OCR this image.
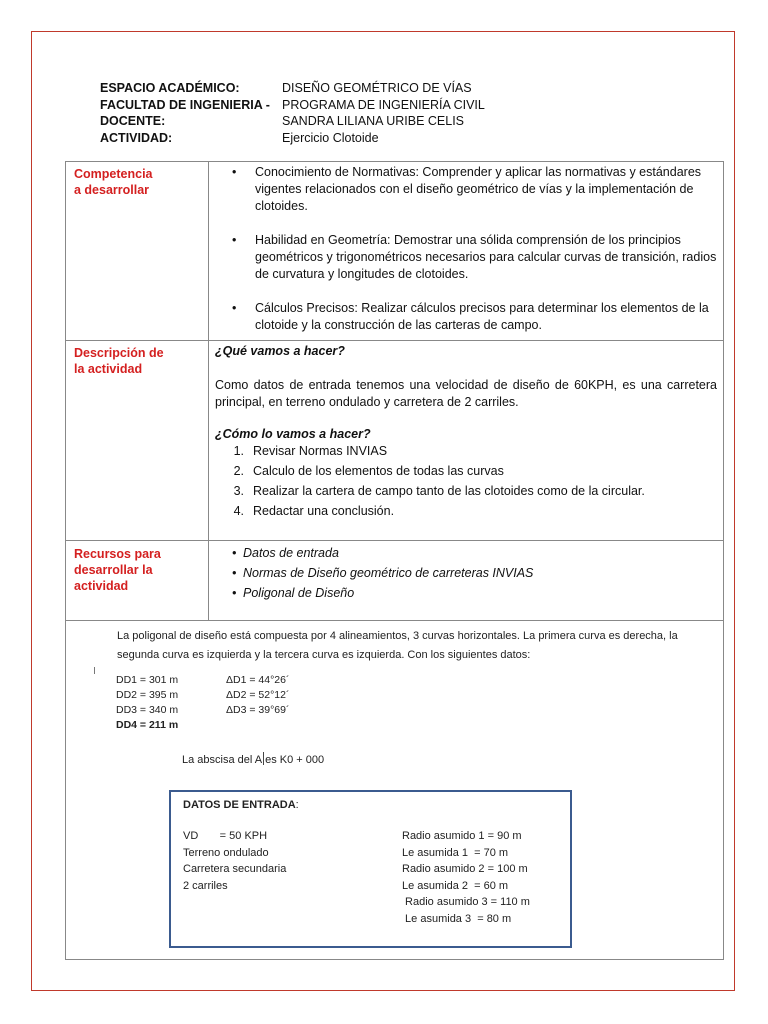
ESPACIO ACADÉMICO:	DISEÑO GEOMÉTRICO DE VÍAS
FACULTAD DE INGENIERIA - PROGRAMA DE INGENIERÍA CIVIL
DOCENTE:	SANDRA LILIANA URIBE CELIS
ACTIVIDAD:	Ejercicio Clotoide
Competencia
a desarrollar
• Conocimiento de Normativas: Comprender y aplicar las normativas y estándares vigentes relacionados con el diseño geométrico de vías y la implementación de clotoides.
• Habilidad en Geometría: Demostrar una sólida comprensión de los principios geométricos y trigonométricos necesarios para calcular curvas de transición, radios de curvatura y longitudes de clotoides.
• Cálculos Precisos: Realizar cálculos precisos para determinar los elementos de la clotoide y la construcción de las carteras de campo.
Descripción de
la actividad
¿Qué vamos a hacer?
Como datos de entrada tenemos una velocidad de diseño de 60KPH, es una carretera principal, en terreno ondulado y carretera de 2 carriles.
¿Cómo lo vamos a hacer?
1. Revisar Normas INVIAS
2. Calculo de los elementos de todas las curvas
3. Realizar la cartera de campo tanto de las clotoides como de la circular.
4. Redactar una conclusión.
Recursos para
desarrollar la actividad
• Datos de entrada
• Normas de Diseño geométrico de carreteras INVIAS
• Poligonal de Diseño
La poligonal de diseño está compuesta por 4 alineamientos, 3 curvas horizontales. La primera curva es derecha, la segunda curva es izquierda y la tercera curva es izquierda. Con los siguientes datos:
DD1 = 301 m	ΔD1 = 44°26´
DD2 = 395 m	ΔD2 = 52°12´
DD3 = 340 m	ΔD3 = 39°69´
DD4 = 211 m
La abscisa del A es K0 + 000
DATOS DE ENTRADA:
VD       = 50 KPH
Terreno ondulado
Carretera secundaria
2 carriles
Radio asumido 1 = 90 m
Le asumida 1  = 70 m
Radio asumido 2 = 100 m
Le asumida 2  = 60 m
Radio asumido 3 = 110 m
Le asumida 3  = 80 m
